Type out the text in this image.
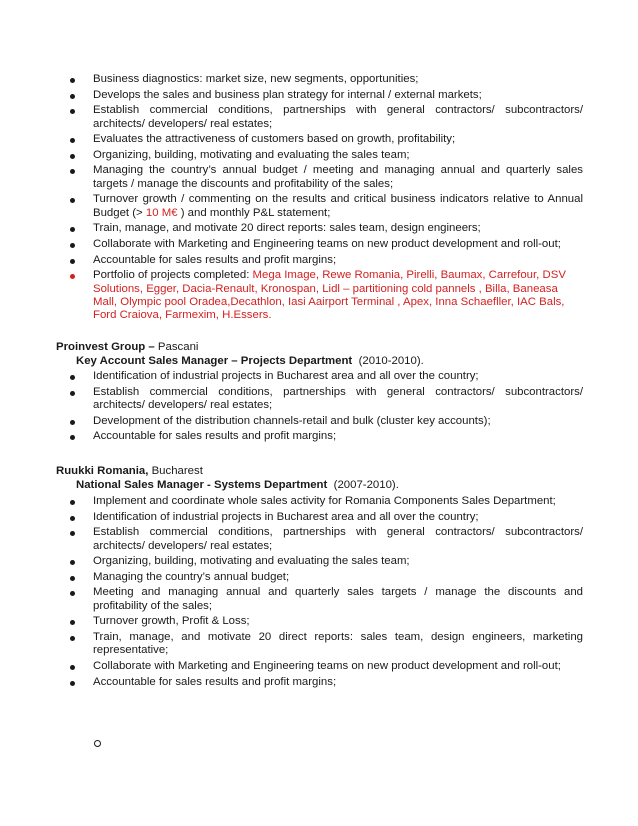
Business diagnostics: market size, new segments, opportunities;
Develops the sales and business plan strategy for internal / external markets;
Establish commercial conditions, partnerships with general contractors/ subcontractors/ architects/ developers/ real estates;
Evaluates the attractiveness of customers based on growth, profitability;
Organizing, building, motivating and evaluating the sales team;
Managing the country’s annual budget / meeting and managing annual and quarterly sales targets / manage the discounts and profitability of the sales;
Turnover growth / commenting on the results and critical business indicators relative to Annual Budget (> 10 M€ ) and monthly P&L statement;
Train, manage, and motivate 20 direct reports: sales team, design engineers;
Collaborate with Marketing and Engineering teams on new product development and roll-out;
Accountable for sales results and profit margins;
Portfolio of projects completed: Mega Image, Rewe Romania, Pirelli, Baumax, Carrefour, DSV Solutions, Egger, Dacia-Renault, Kronospan, Lidl – partitioning cold pannels , Billa, Baneasa Mall, Olympic pool Oradea,Decathlon, Iasi Aairport Terminal , Apex, Inna Schaefller, IAC Bals, Ford Craiova, Farmexim, H.Essers.
Proinvest Group – Pascani
Key Account Sales Manager – Projects Department (2010-2010).
Identification of industrial projects in Bucharest area and all over the country;
Establish commercial conditions, partnerships with general contractors/ subcontractors/ architects/ developers/ real estates;
Development of the distribution channels-retail and bulk (cluster key accounts);
Accountable for sales results and profit margins;
Ruukki Romania, Bucharest
National Sales Manager - Systems Department (2007-2010).
Implement and coordinate whole sales activity for Romania Components Sales Department;
Identification of industrial projects in Bucharest area and all over the country;
Establish commercial conditions, partnerships with general contractors/ subcontractors/ architects/ developers/ real estates;
Organizing, building, motivating and evaluating the sales team;
Managing the country’s annual budget;
Meeting and managing annual and quarterly sales targets / manage the discounts and profitability of the sales;
Turnover growth, Profit & Loss;
Train, manage, and motivate 20 direct reports: sales team, design engineers, marketing representative;
Collaborate with Marketing and Engineering teams on new product development and roll-out;
Accountable for sales results and profit margins;
